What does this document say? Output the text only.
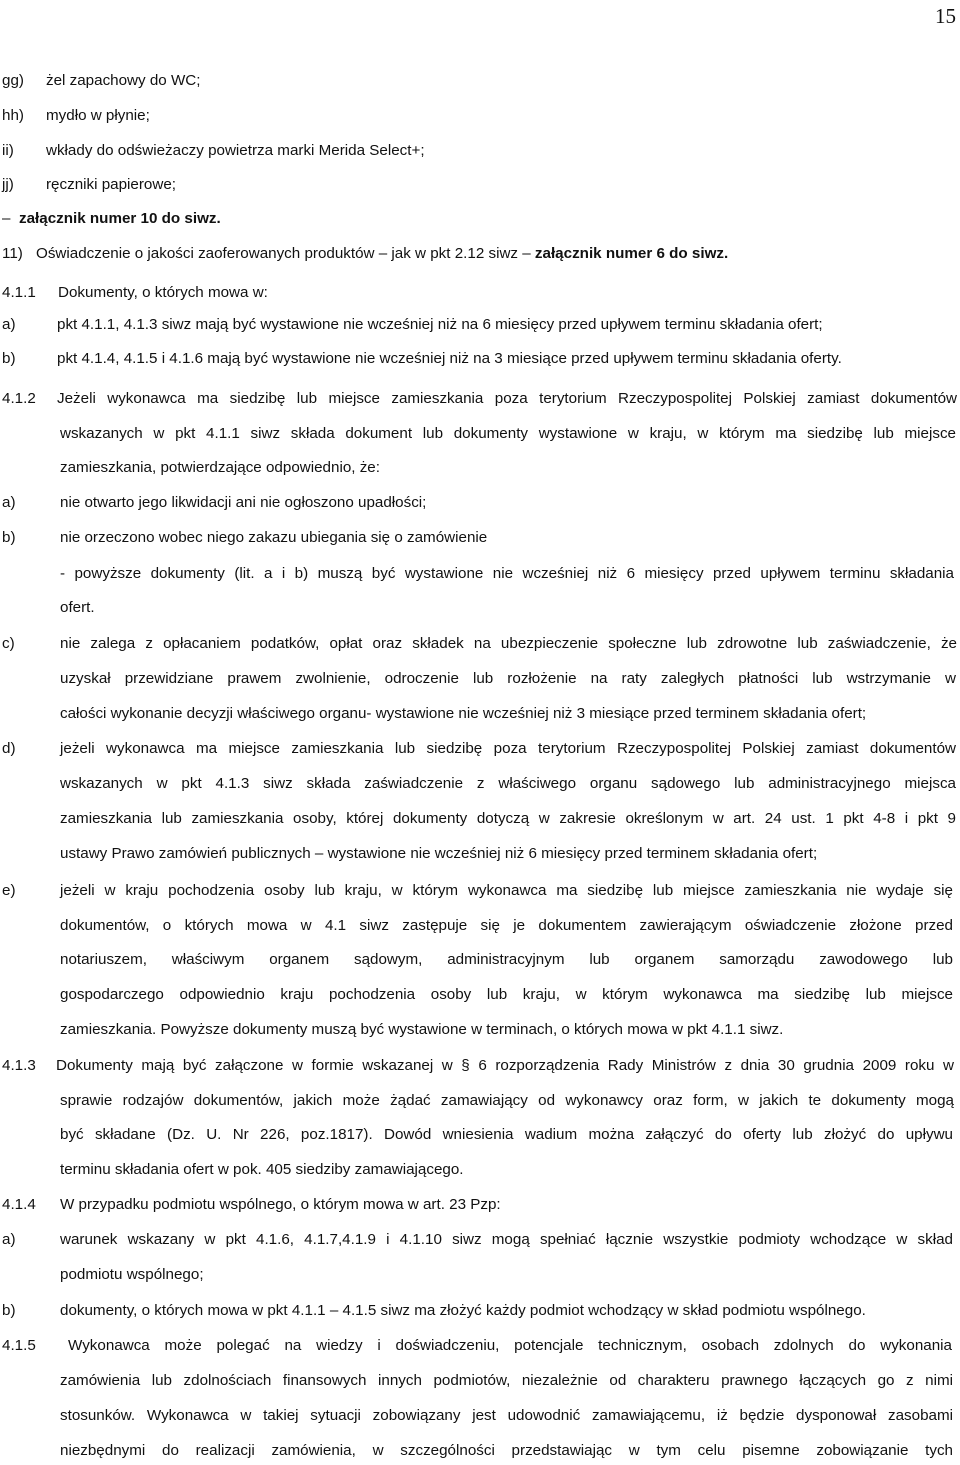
15
gg) żel zapachowy do WC;
hh) mydło w płynie;
ii) wkłady do odświeżaczy powietrza marki Merida Select+;
jj) ręczniki papierowe;
– załącznik numer 10 do siwz.
11) Oświadczenie o jakości zaoferowanych produktów – jak w pkt 2.12 siwz – załącznik numer 6 do siwz.
4.1.1 Dokumenty, o których mowa w:
a)	pkt 4.1.1, 4.1.3 siwz mają być wystawione nie wcześniej niż na 6 miesięcy przed upływem terminu składania ofert;
b)	pkt 4.1.4, 4.1.5 i 4.1.6 mają być wystawione nie wcześniej niż na 3 miesiące przed upływem terminu składania oferty.
4.1.2 Jeżeli wykonawca ma siedzibę lub miejsce zamieszkania poza terytorium Rzeczypospolitej Polskiej zamiast dokumentów
wskazanych w pkt 4.1.1 siwz składa dokument lub dokumenty wystawione w kraju, w którym ma siedzibę lub miejsce
zamieszkania, potwierdzające odpowiednio, że:
a)	nie otwarto jego likwidacji ani nie ogłoszono upadłości;
b)	nie orzeczono wobec niego zakazu ubiegania się o zamówienie
- powyższe dokumenty (lit. a i b) muszą być wystawione nie wcześniej niż 6 miesięcy przed upływem terminu składania
ofert.
c)	nie zalega z opłacaniem podatków, opłat oraz składek na ubezpieczenie społeczne lub zdrowotne lub zaświadczenie, że
uzyskał przewidziane prawem zwolnienie, odroczenie lub rozłożenie na raty zaległych płatności lub wstrzymanie w
całości wykonanie decyzji właściwego organu- wystawione nie wcześniej niż 3 miesiące przed terminem składania ofert;
d)	jeżeli wykonawca ma miejsce zamieszkania lub siedzibę poza terytorium Rzeczypospolitej Polskiej zamiast dokumentów
wskazanych w pkt 4.1.3 siwz składa zaświadczenie z właściwego organu sądowego lub administracyjnego miejsca
zamieszkania lub zamieszkania osoby, której dokumenty dotyczą w zakresie określonym w art. 24 ust. 1 pkt 4-8 i pkt 9
ustawy Prawo zamówień publicznych – wystawione nie wcześniej niż 6 miesięcy przed terminem składania ofert;
e)	jeżeli w kraju pochodzenia osoby lub kraju, w którym wykonawca ma siedzibę lub miejsce zamieszkania nie wydaje się
dokumentów, o których mowa w 4.1 siwz zastępuje się je dokumentem zawierającym oświadczenie złożone przed
notariuszem, właściwym organem sądowym, administracyjnym lub organem samorządu zawodowego lub
gospodarczego odpowiednio kraju pochodzenia osoby lub kraju, w którym wykonawca ma siedzibę lub miejsce
zamieszkania. Powyższe dokumenty muszą być wystawione w terminach, o których mowa w pkt 4.1.1 siwz.
4.1.3 Dokumenty mają być załączone w formie wskazanej w § 6 rozporządzenia Rady Ministrów z dnia 30 grudnia 2009 roku w
sprawie rodzajów dokumentów, jakich może żądać zamawiający od wykonawcy oraz form, w jakich te dokumenty mogą
być składane (Dz. U. Nr 226, poz.1817). Dowód wniesienia wadium można załączyć do oferty lub złożyć do upływu
terminu składania ofert w pok. 405 siedziby zamawiającego.
4.1.4 W przypadku podmiotu wspólnego, o którym mowa w art. 23 Pzp:
a)	warunek wskazany w pkt 4.1.6, 4.1.7,4.1.9 i 4.1.10 siwz mogą spełniać łącznie wszystkie podmioty wchodzące w skład
podmiotu wspólnego;
b)	dokumenty, o których mowa w pkt 4.1.1 – 4.1.5 siwz ma złożyć każdy podmiot wchodzący w skład podmiotu wspólnego.
4.1.5 Wykonawca może polegać na wiedzy i doświadczeniu, potencjale technicznym, osobach zdolnych do wykonania
zamówienia lub zdolnościach finansowych innych podmiotów, niezależnie od charakteru prawnego łączących go z nimi
stosunków. Wykonawca w takiej sytuacji zobowiązany jest udowodnić zamawiającemu, iż będzie dysponował zasobami
niezbędnymi do realizacji zamówienia, w szczególności przedstawiając w tym celu pisemne zobowiązanie tych
